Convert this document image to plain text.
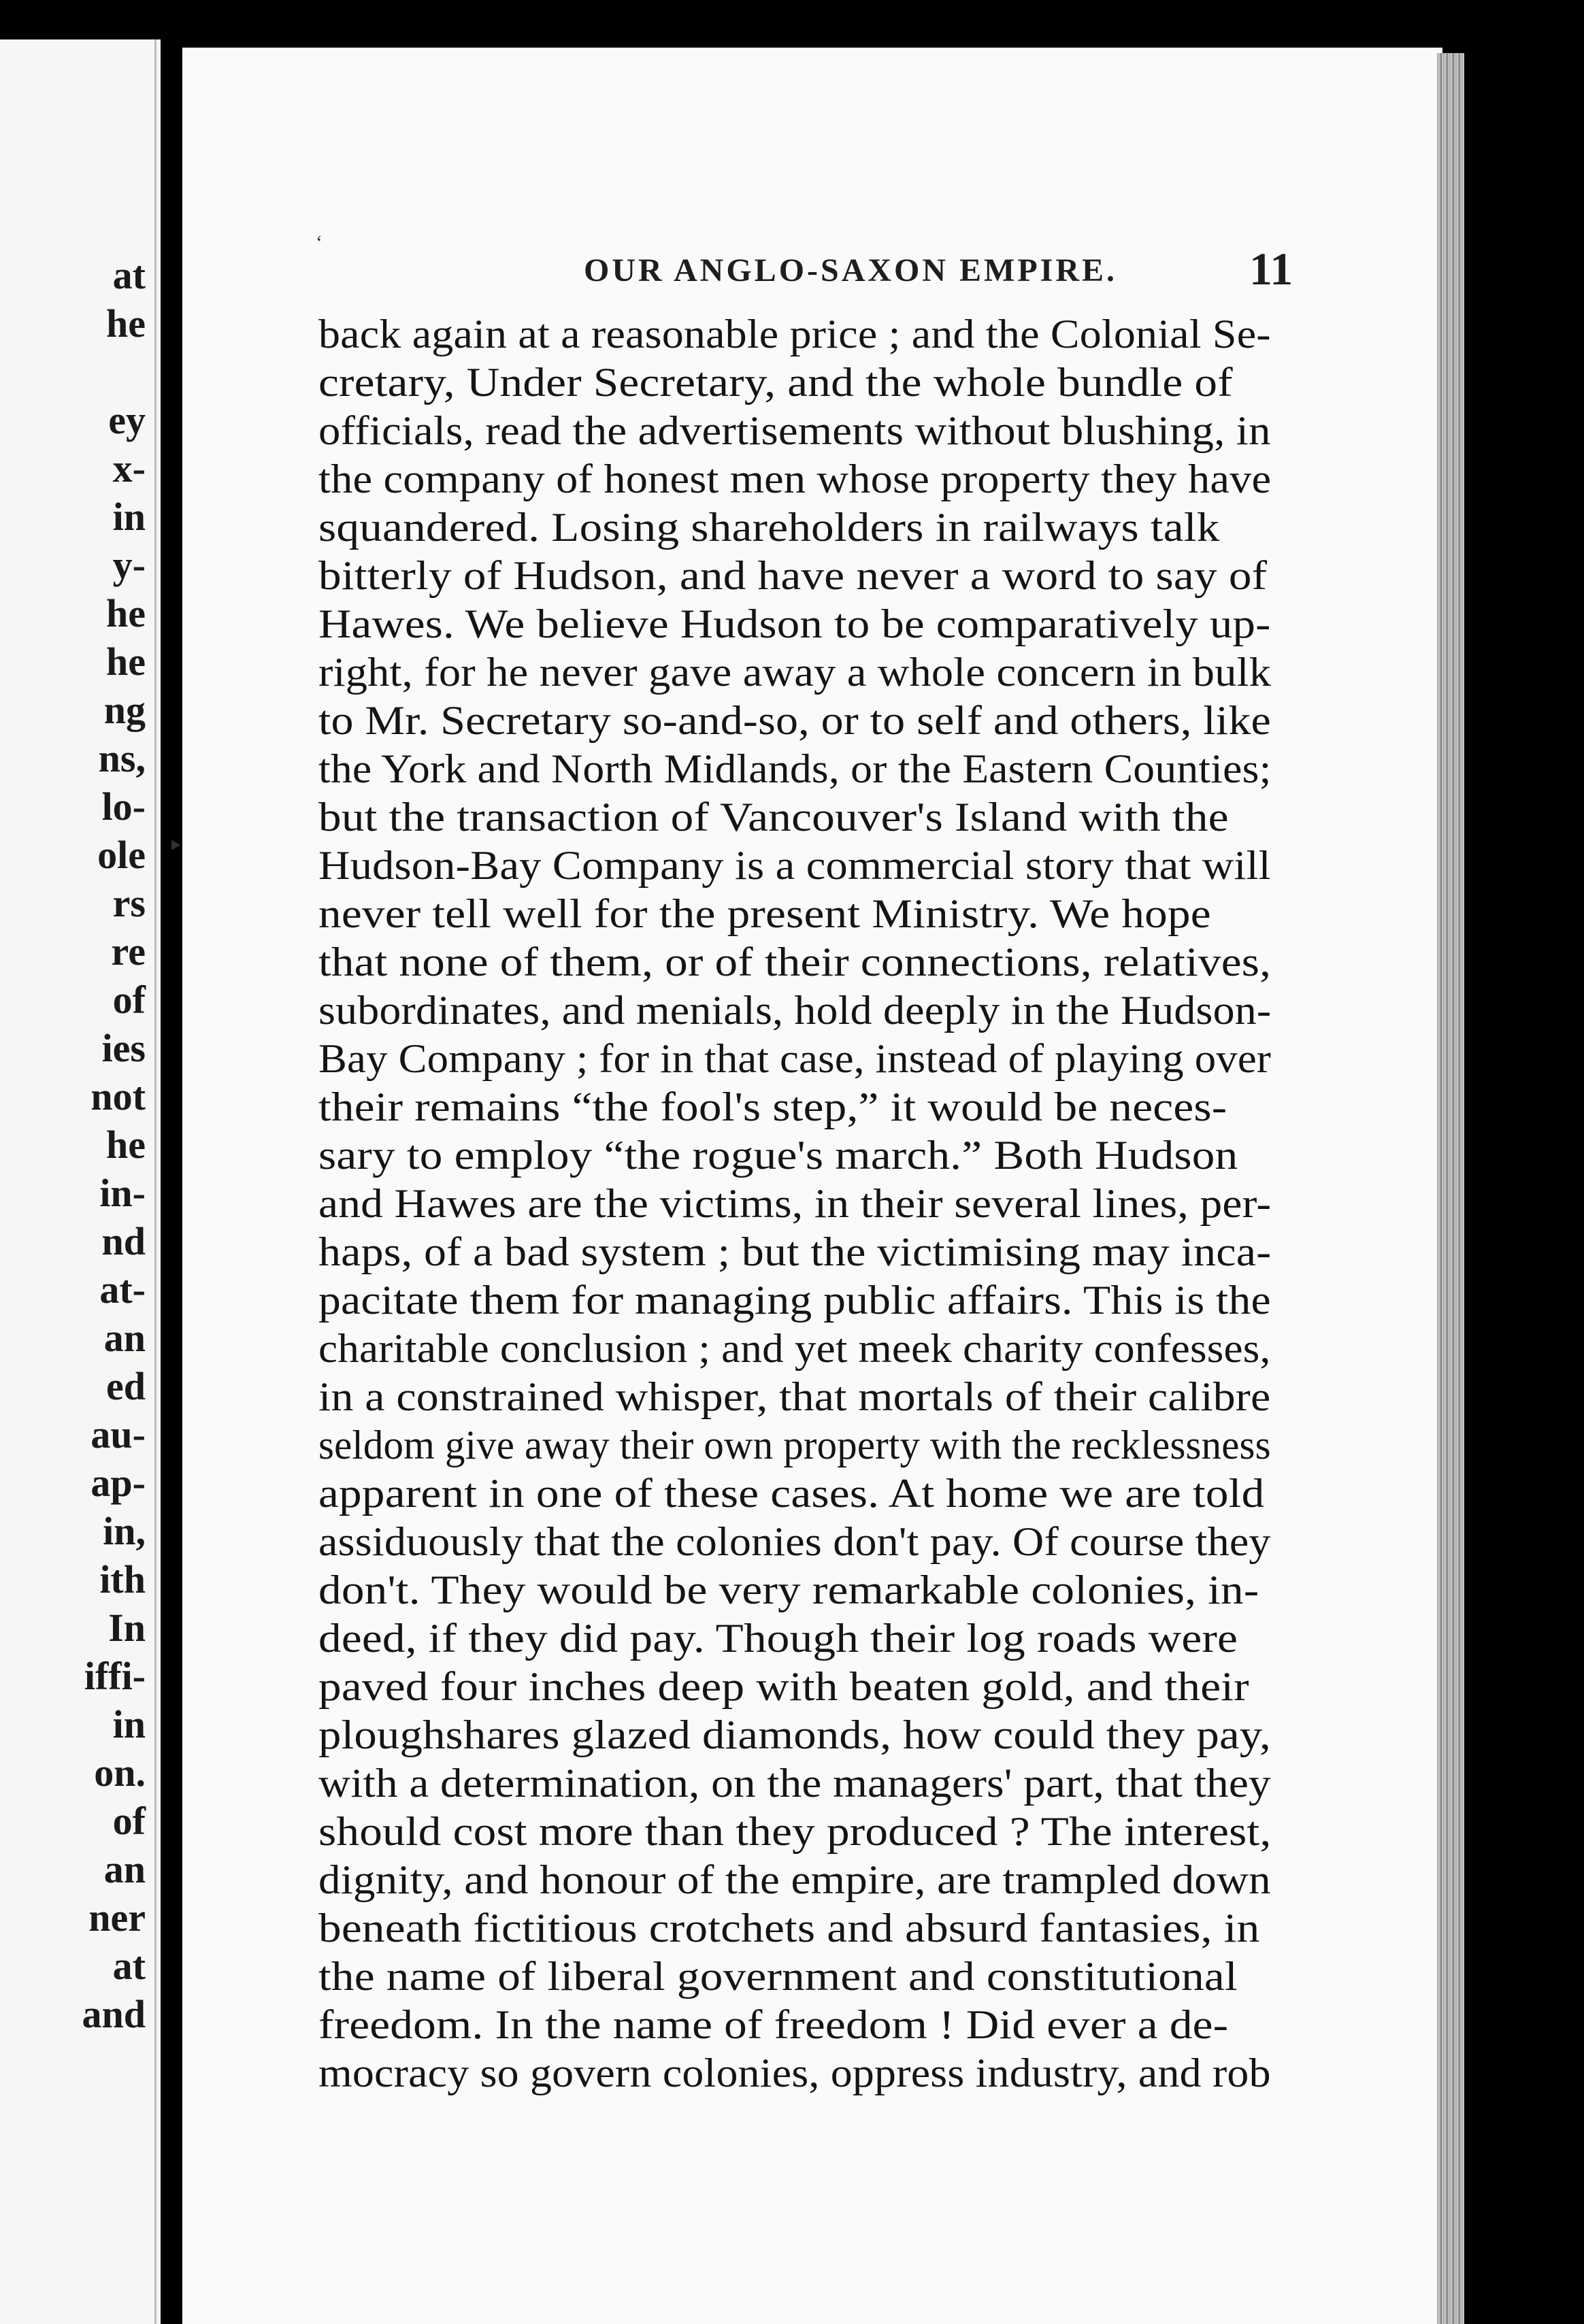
at
he
ey
x-
in
y-
he
he
ng
ns,
lo-
ole
rs
re
of
ies
not
he
in-
nd
at-
an
ed
au-
ap-
in,
ith
In
iffi-
in
on.
of
an
ner
at
and
OUR ANGLO-SAXON EMPIRE.	11
‘
‣
back again at a reasonable price ; and the Colonial Se-
cretary, Under Secretary, and the whole bundle of
officials, read the advertisements without blushing, in
the company of honest men whose property they have
squandered. Losing shareholders in railways talk
bitterly of Hudson, and have never a word to say of
Hawes. We believe Hudson to be comparatively up-
right, for he never gave away a whole concern in bulk
to Mr. Secretary so-and-so, or to self and others, like
the York and North Midlands, or the Eastern Counties;
but the transaction of Vancouver's Island with the
Hudson-Bay Company is a commercial story that will
never tell well for the present Ministry. We hope
that none of them, or of their connections, relatives,
subordinates, and menials, hold deeply in the Hudson-
Bay Company ; for in that case, instead of playing over
their remains “the fool's step,” it would be neces-
sary to employ “the rogue's march.” Both Hudson
and Hawes are the victims, in their several lines, per-
haps, of a bad system ; but the victimising may inca-
pacitate them for managing public affairs. This is the
charitable conclusion ; and yet meek charity confesses,
in a constrained whisper, that mortals of their calibre
seldom give away their own property with the recklessness
apparent in one of these cases. At home we are told
assiduously that the colonies don't pay. Of course they
don't. They would be very remarkable colonies, in-
deed, if they did pay. Though their log roads were
paved four inches deep with beaten gold, and their
ploughshares glazed diamonds, how could they pay,
with a determination, on the managers' part, that they
should cost more than they produced ? The interest,
dignity, and honour of the empire, are trampled down
beneath fictitious crotchets and absurd fantasies, in
the name of liberal government and constitutional
freedom. In the name of freedom ! Did ever a de-
mocracy so govern colonies, oppress industry, and rob
